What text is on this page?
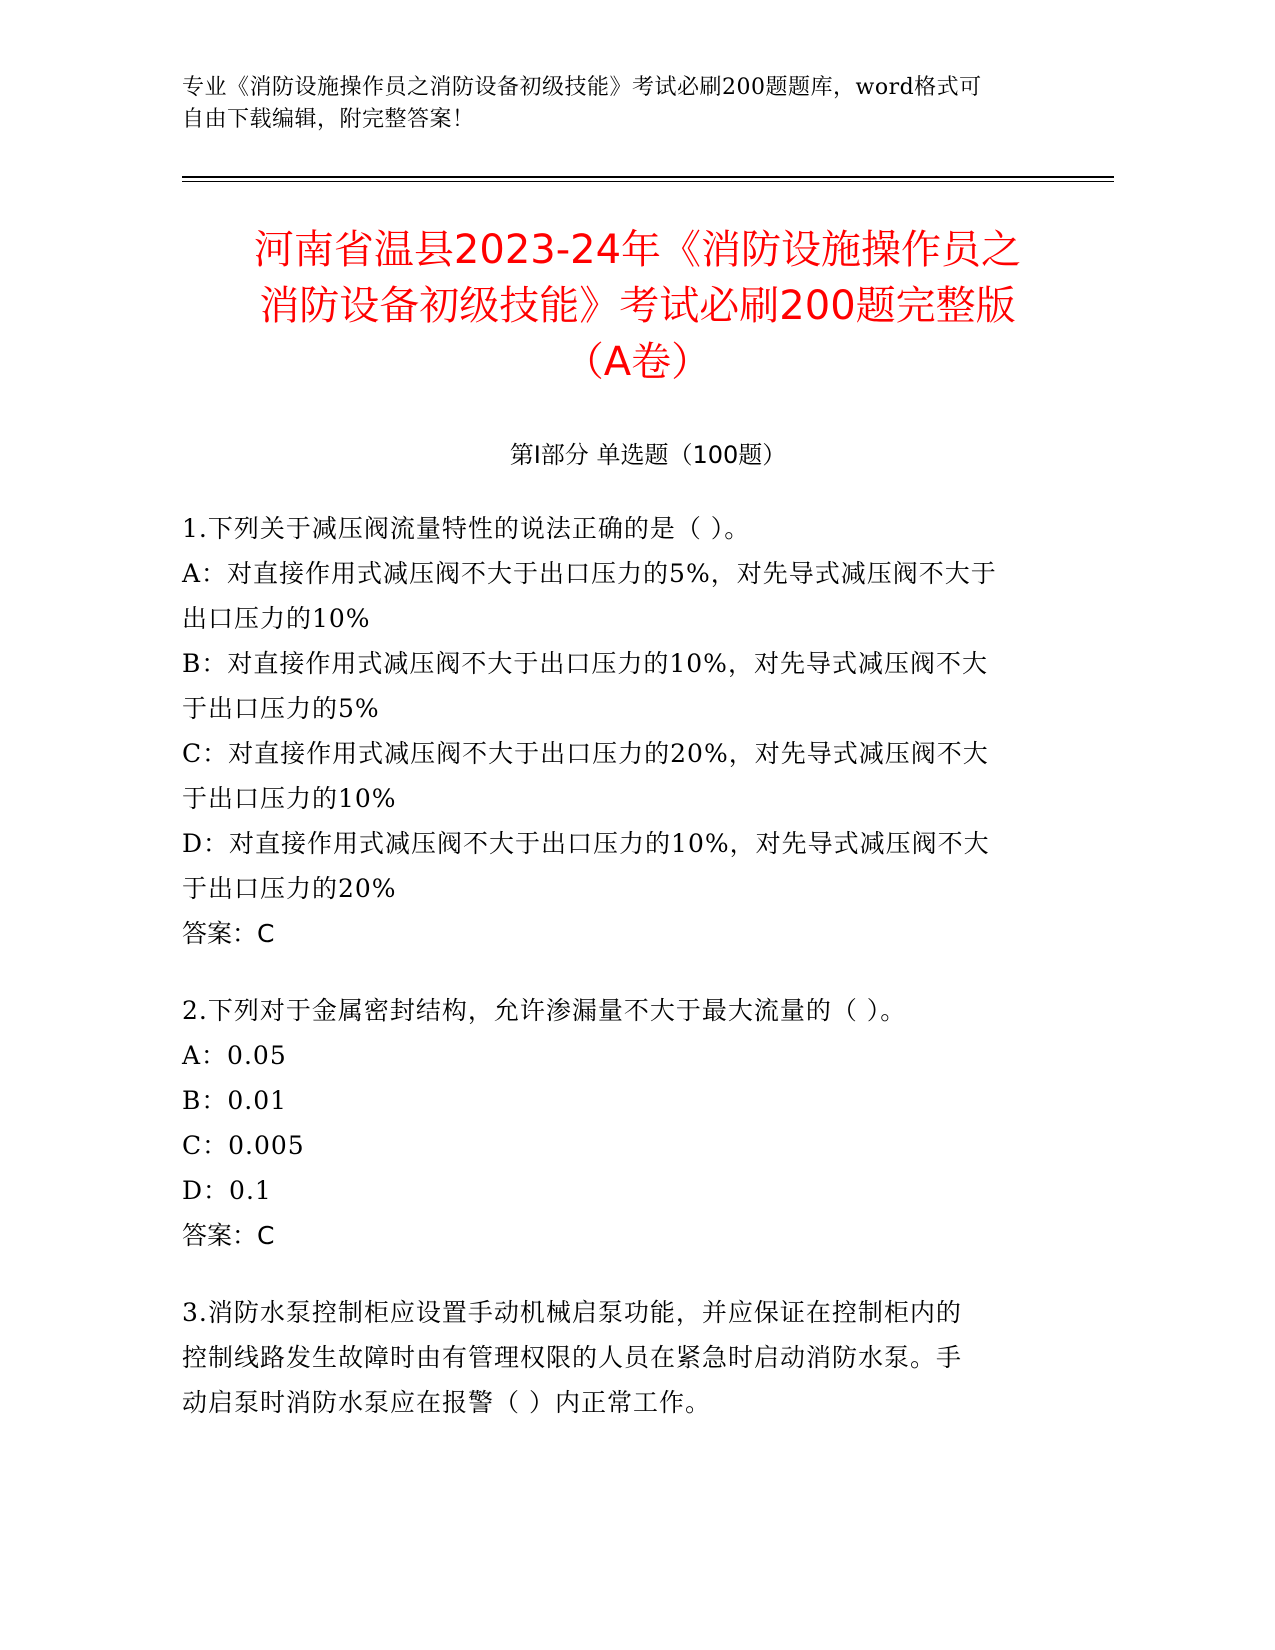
专业《消防设施操作员之消防设备初级技能》考试必刷200题题库，word格式可
自由下载编辑，附完整答案！
河南省温县2023-24年《消防设施操作员之
消防设备初级技能》考试必刷200题完整版
（A卷）
第I部分 单选题（100题）
1.下列关于减压阀流量特性的说法正确的是（ ）。
A：对直接作用式减压阀不大于出口压力的5%，对先导式减压阀不大于
出口压力的10%
B：对直接作用式减压阀不大于出口压力的10%，对先导式减压阀不大
于出口压力的5%
C：对直接作用式减压阀不大于出口压力的20%，对先导式减压阀不大
于出口压力的10%
D：对直接作用式减压阀不大于出口压力的10%，对先导式减压阀不大
于出口压力的20%
答案：C
2.下列对于金属密封结构，允许渗漏量不大于最大流量的（ ）。
A：0.05
B：0.01
C：0.005
D：0.1
答案：C
3.消防水泵控制柜应设置手动机械启泵功能，并应保证在控制柜内的
控制线路发生故障时由有管理权限的人员在紧急时启动消防水泵。手
动启泵时消防水泵应在报警（ ）内正常工作。
